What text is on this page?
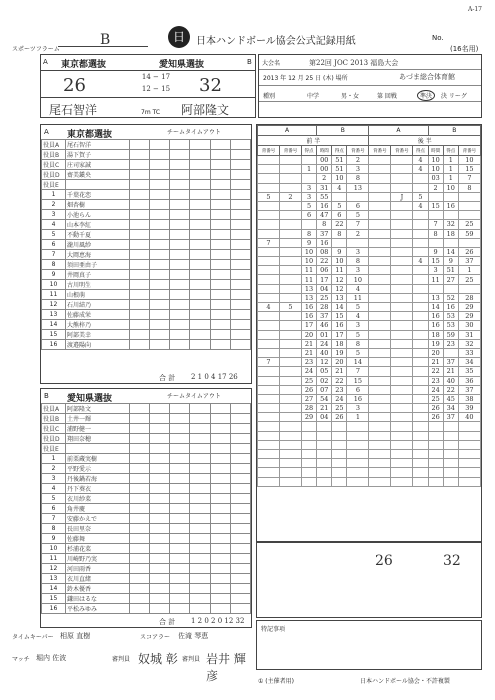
A-17
スポーツフラーム
B	日	日本ハンドボール協会公式記録用紙	No.
(16名用)
A 東京都選抜	愛知県選抜	B
26	14 − 17
12 − 15 32
尾石智洋	7m TC 阿部隆文
大会名	第22回 JOC 2013 福島大会
2013 年 12 月 25 日 (木) 場所	あづま総合体育館
種別	中学	男・女	第 回戦	準決	決 リーグ
A 東京都選抜	チームタイムアウト
役員A	尾石智洋						
役員B	湯下賀子						
役員C	庄司家誠						
役員D	齋美鎭央						
役員E							
1	千葉花恋						
2	畑杏樹						
3	小池らん						
4	山本李紅						
5	不動千夏						
6	瀧川風紗						
7	大岡恵海						
8	須田亜由子						
9	井岡真子						
10	古川明生						
11	山根萌						
12	石川結乃						
13	佐藤成栄						
14	大熊梓乃						
15	阿部美幸						
16	渡邉陽向						
合 計 2 1 0 4 17 26
B 愛知県選抜	チームタイムアウト
役員A	阿部隆文						
役員B	土井一輝						
役員C	浦野健一						
役員D	翔田奈穂						
役員E							
1	前栗蔵実樹						
2	平野愛示						
3	丹後鍋若海						
4	丹下葵衣						
5	衣川紗菜						
6	角井慶						
7	安藤かえで						
8	長田里奈						
9	佐藤舞						
10	杉浦花菜						
11	川崎野乃実						
12	河田雨香						
13	衣川直緒						
14	鈴木優香						
15	鎌田はるな						
16	平松みゆみ						
合 計 1 2 0 2 0 12 32
A			B			A			B		
前 半						後 半					
背番号	背番号	得点	時間	得点	背番号	背番号	背番号	得点	時間	得点	背番号
			00	51	2			4	10	1	10
		1	00	51	3			4	10	1	15
			2	10	8				03	1	7
		3	31	4	13				2	10	8
5	2	3	55				J	5			
		5	16	5	6			4	15	16	
		6	47	6	5						
			8	22	7				7	32	25
		8	37	8	2				8	18	59
7		9	16								
		10	08	9	3				9	14	26
		10	22	10	8			4	15	9	37
		11	06	11	3				3	51	1
		11	17	12	10				11	27	25
		13	04	12	4						
		13	25	13	11				13	52	28
4	5	16	28	14	5				14	16	29
		16	37	15	4				16	53	29
		17	46	16	3				16	53	30
		20	01	17	5				18	59	31
		21	24	18	8				19	23	32
		21	40	19	5				20		33
7		23	12	20	14				21	37	34
		24	05	21	7				22	21	35
		25	02	22	15				23	40	36
		26	07	23	6				24	22	37
		27	54	24	16				25	45	38
		28	21	25	3				26	34	39
		29	04	26	1				26	37	40

26	32
特記事項
タイムキーパー 相原 直樹	スコアラー 佐滝 琴恵
マッチ 堀内 佐波	審判員 奴城 彰 審判員 岩井 輝彦	① (主催者用)	日本ハンドボール協会・不許複製
